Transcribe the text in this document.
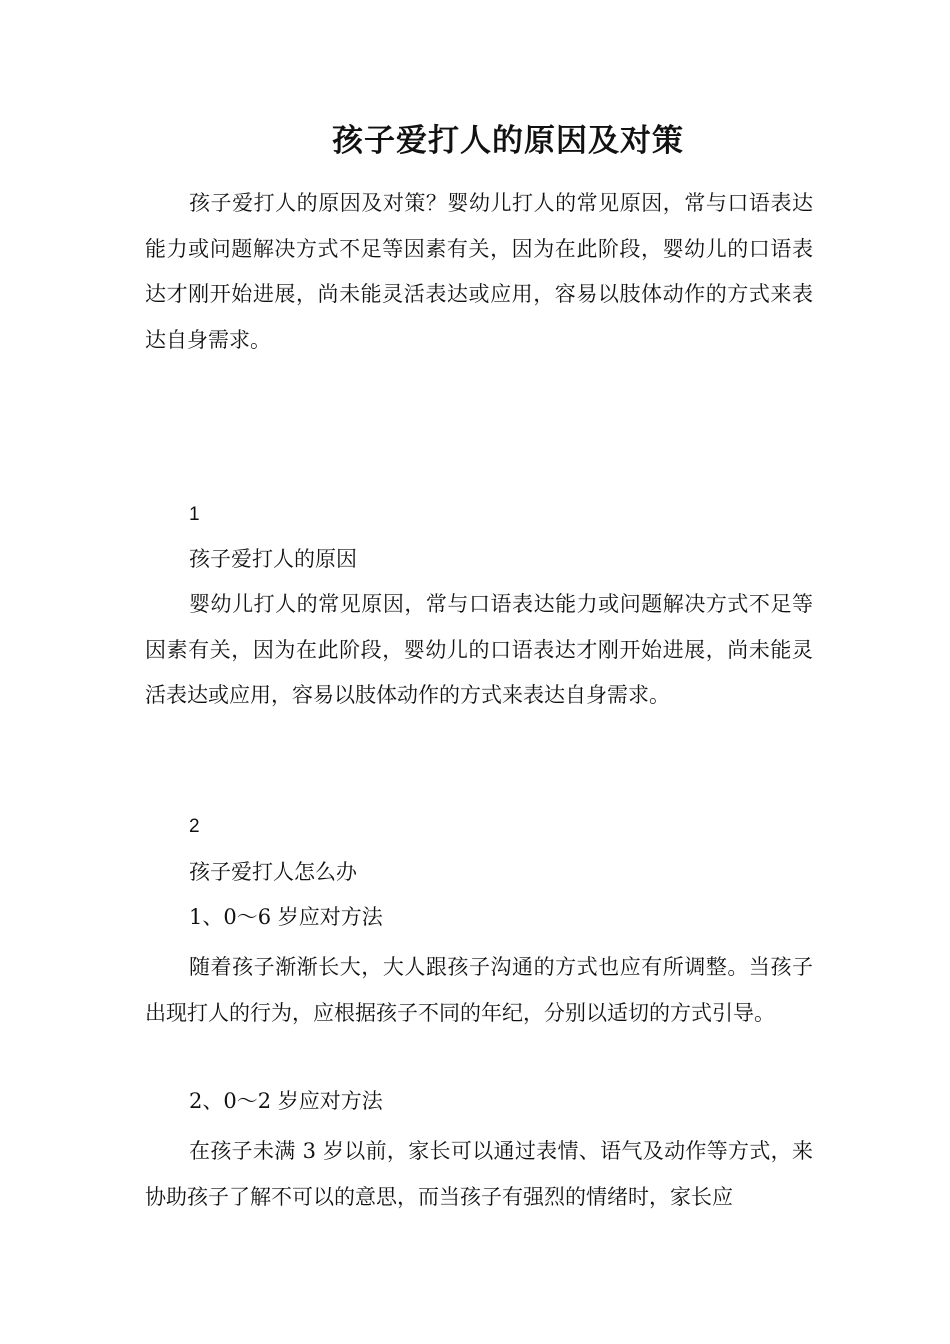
孩子爱打人的原因及对策

孩子爱打人的原因及对策？婴幼儿打人的常见原因，常与口语表达能力或问题解决方式不足等因素有关，因为在此阶段，婴幼儿的口语表达才刚开始进展，尚未能灵活表达或应用，容易以肢体动作的方式来表达自身需求。

1

孩子爱打人的原因

婴幼儿打人的常见原因，常与口语表达能力或问题解决方式不足等因素有关，因为在此阶段，婴幼儿的口语表达才刚开始进展，尚未能灵活表达或应用，容易以肢体动作的方式来表达自身需求。

2

孩子爱打人怎么办

1、0～6 岁应对方法

随着孩子渐渐长大，大人跟孩子沟通的方式也应有所调整。当孩子出现打人的行为，应根据孩子不同的年纪，分别以适切的方式引导。

2、0～2 岁应对方法

在孩子未满 3 岁以前，家长可以通过表情、语气及动作等方式，来协助孩子了解不可以的意思，而当孩子有强烈的情绪时，家长应
